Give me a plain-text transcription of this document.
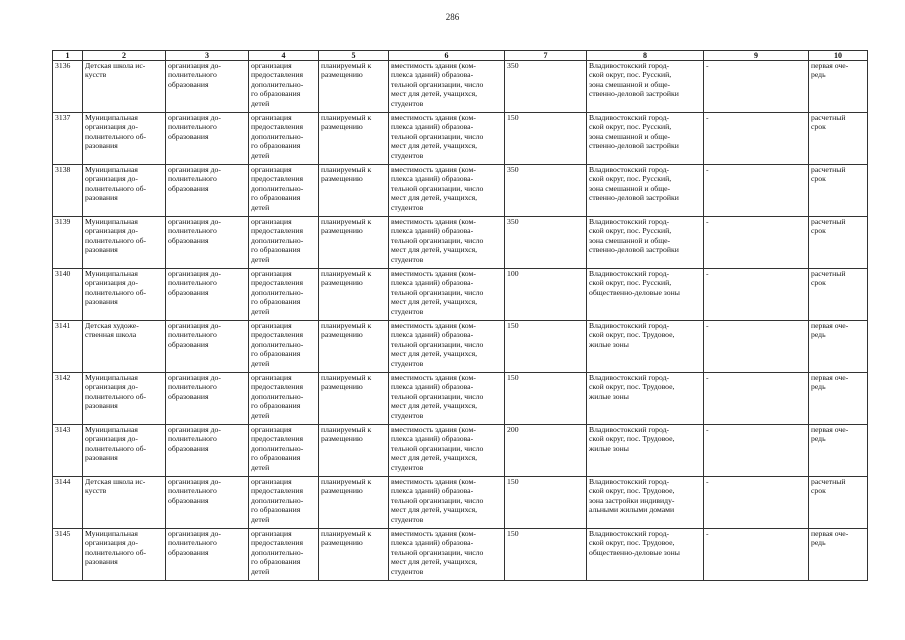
286
1	2	3	4	5	6	7	8	9	10
3136	Детская школа ис-
кусств	организация до-
полнительного
образования	организация
предоставления
дополнительно-
го образования
детей	планируемый к
размещению	вместимость здания (ком-
плекса зданий) образова-
тельной организации, число
мест для детей, учащихся,
студентов	350	Владивостокский город-
ской округ, пос. Русский,
зона смешанной и обще-
ственно-деловой застройки	-	первая оче-
редь
3137	Муниципальная
организация до-
полнительного об-
разования	организация до-
полнительного
образования	организация
предоставления
дополнительно-
го образования
детей	планируемый к
размещению	вместимость здания (ком-
плекса зданий) образова-
тельной организации, число
мест для детей, учащихся,
студентов	150	Владивостокский город-
ской округ, пос. Русский,
зона смешанной и обще-
ственно-деловой застройки	-	расчетный
срок
3138	Муниципальная
организация до-
полнительного об-
разования	организация до-
полнительного
образования	организация
предоставления
дополнительно-
го образования
детей	планируемый к
размещению	вместимость здания (ком-
плекса зданий) образова-
тельной организации, число
мест для детей, учащихся,
студентов	350	Владивостокский город-
ской округ, пос. Русский,
зона смешанной и обще-
ственно-деловой застройки	-	расчетный
срок
3139	Муниципальная
организация до-
полнительного об-
разования	организация до-
полнительного
образования	организация
предоставления
дополнительно-
го образования
детей	планируемый к
размещению	вместимость здания (ком-
плекса зданий) образова-
тельной организации, число
мест для детей, учащихся,
студентов	350	Владивостокский город-
ской округ, пос. Русский,
зона смешанной и обще-
ственно-деловой застройки	-	расчетный
срок
3140	Муниципальная
организация до-
полнительного об-
разования	организация до-
полнительного
образования	организация
предоставления
дополнительно-
го образования
детей	планируемый к
размещению	вместимость здания (ком-
плекса зданий) образова-
тельной организации, число
мест для детей, учащихся,
студентов	100	Владивостокский город-
ской округ, пос. Русский,
общественно-деловые зоны	-	расчетный
срок
3141	Детская художе-
ственная школа	организация до-
полнительного
образования	организация
предоставления
дополнительно-
го образования
детей	планируемый к
размещению	вместимость здания (ком-
плекса зданий) образова-
тельной организации, число
мест для детей, учащихся,
студентов	150	Владивостокский город-
ской округ, пос. Трудовое,
жилые зоны	-	первая оче-
редь
3142	Муниципальная
организация до-
полнительного об-
разования	организация до-
полнительного
образования	организация
предоставления
дополнительно-
го образования
детей	планируемый к
размещению	вместимость здания (ком-
плекса зданий) образова-
тельной организации, число
мест для детей, учащихся,
студентов	150	Владивостокский город-
ской округ, пос. Трудовое,
жилые зоны	-	первая оче-
редь
3143	Муниципальная
организация до-
полнительного об-
разования	организация до-
полнительного
образования	организация
предоставления
дополнительно-
го образования
детей	планируемый к
размещению	вместимость здания (ком-
плекса зданий) образова-
тельной организации, число
мест для детей, учащихся,
студентов	200	Владивостокский город-
ской округ, пос. Трудовое,
жилые зоны	-	первая оче-
редь
3144	Детская школа ис-
кусств	организация до-
полнительного
образования	организация
предоставления
дополнительно-
го образования
детей	планируемый к
размещению	вместимость здания (ком-
плекса зданий) образова-
тельной организации, число
мест для детей, учащихся,
студентов	150	Владивостокский город-
ской округ, пос. Трудовое,
зона застройки индивиду-
альными жилыми домами	-	расчетный
срок
3145	Муниципальная
организация до-
полнительного об-
разования	организация до-
полнительного
образования	организация
предоставления
дополнительно-
го образования
детей	планируемый к
размещению	вместимость здания (ком-
плекса зданий) образова-
тельной организации, число
мест для детей, учащихся,
студентов	150	Владивостокский город-
ской округ, пос. Трудовое,
общественно-деловые зоны	-	первая оче-
редь
